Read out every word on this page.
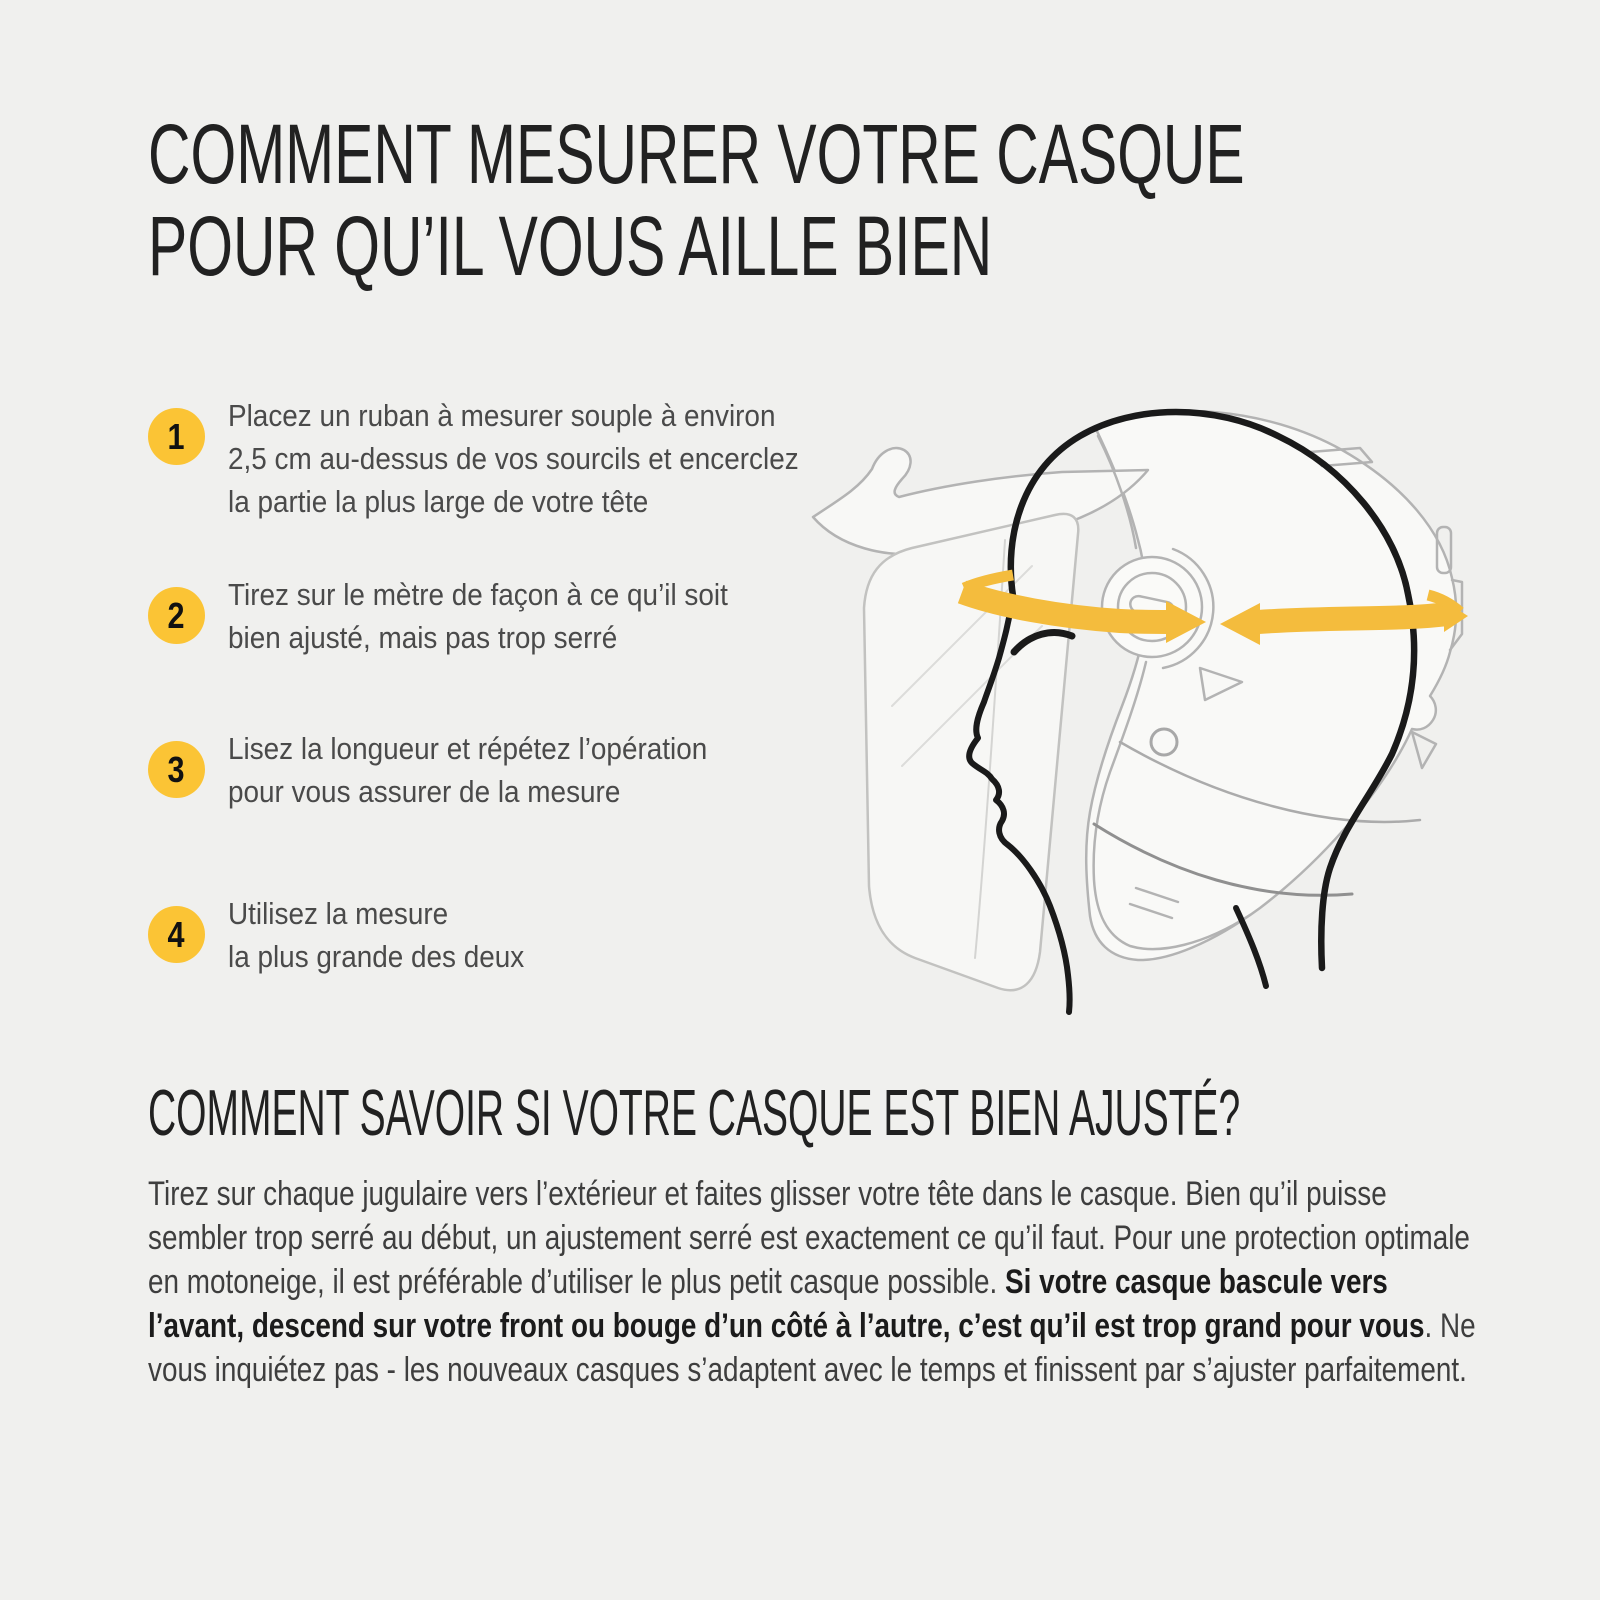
COMMENT MESURER VOTRE CASQUE
POUR QU’IL VOUS AILLE BIEN
1 Placez un ruban à mesurer souple à environ
2,5 cm au-dessus de vos sourcils et encerclez
la partie la plus large de votre tête
2 Tirez sur le mètre de façon à ce qu’il soit
bien ajusté, mais pas trop serré
3 Lisez la longueur et répétez l’opération
pour vous assurer de la mesure
4 Utilisez la mesure
la plus grande des deux
COMMENT SAVOIR SI VOTRE CASQUE EST BIEN AJUSTÉ?

Tirez sur chaque jugulaire vers l’extérieur et faites glisser votre tête dans le casque. Bien qu’il puisse sembler trop serré au début, un ajustement serré est exactement ce qu’il faut. Pour une protection optimale en motoneige, il est préférable d’utiliser le plus petit casque possible. Si votre casque bascule vers l’avant, descend sur votre front ou bouge d’un côté à l’autre, c’est qu’il est trop grand pour vous. Ne vous inquiétez pas - les nouveaux casques s’adaptent avec le temps et finissent par s’ajuster parfaitement.
